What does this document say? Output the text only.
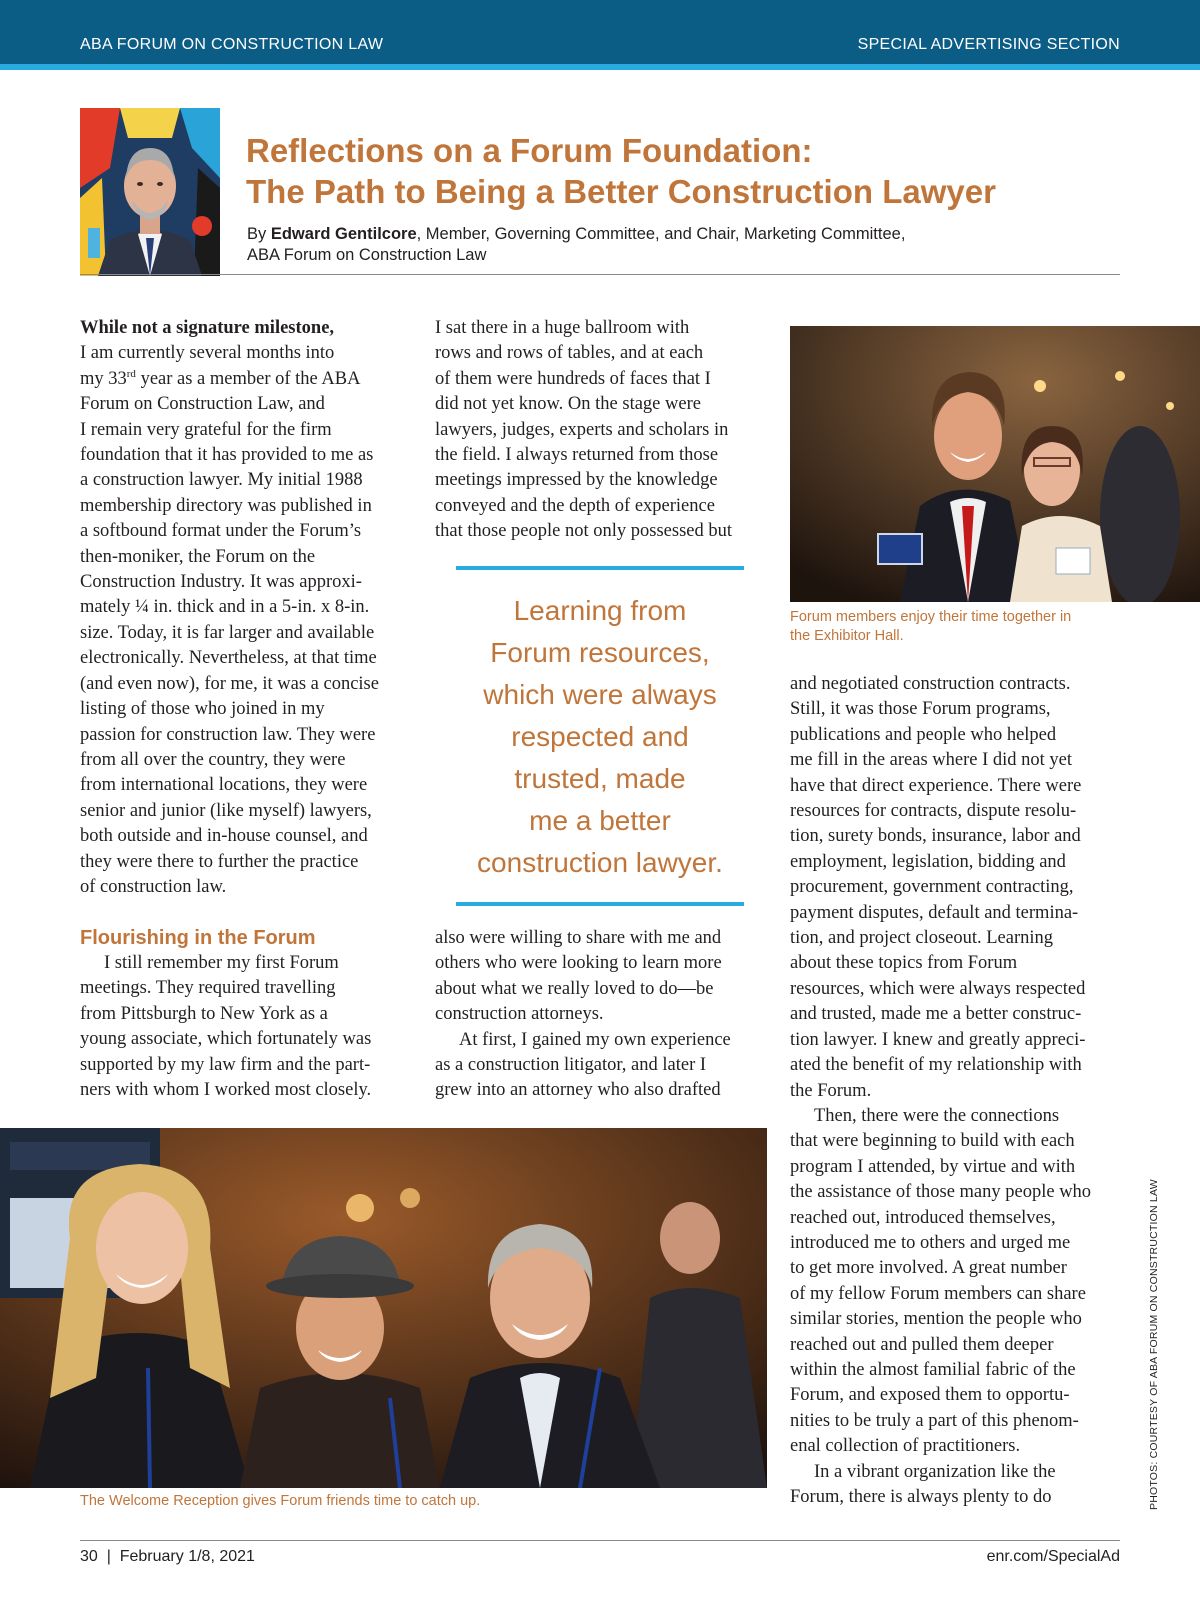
ABA FORUM ON CONSTRUCTION LAW	SPECIAL ADVERTISING SECTION
Reflections on a Forum Foundation:
The Path to Being a Better Construction Lawyer
By Edward Gentilcore, Member, Governing Committee, and Chair, Marketing Committee,
ABA Forum on Construction Law
While not a signature milestone,
I am currently several months into
my 33rd year as a member of the ABA
Forum on Construction Law, and
I remain very grateful for the firm
foundation that it has provided to me as
a construction lawyer. My initial 1988
membership directory was published in
a softbound format under the Forum’s
then-moniker, the Forum on the
Construction Industry. It was approxi-
mately ¼ in. thick and in a 5-in. x 8-in.
size. Today, it is far larger and available
electronically. Nevertheless, at that time
(and even now), for me, it was a concise
listing of those who joined in my
passion for construction law. They were
from all over the country, they were
from international locations, they were
senior and junior (like myself) lawyers,
both outside and in-house counsel, and
they were there to further the practice
of construction law.
Flourishing in the Forum
I still remember my first Forum
meetings. They required travelling
from Pittsburgh to New York as a
young associate, which fortunately was
supported by my law firm and the part-
ners with whom I worked most closely.
I sat there in a huge ballroom with
rows and rows of tables, and at each
of them were hundreds of faces that I
did not yet know. On the stage were
lawyers, judges, experts and scholars in
the field. I always returned from those
meetings impressed by the knowledge
conveyed and the depth of experience
that those people not only possessed but
Learning from
Forum resources,
which were always
respected and
trusted, made
me a better
construction lawyer.
also were willing to share with me and
others who were looking to learn more
about what we really loved to do—be
construction attorneys.
At first, I gained my own experience
as a construction litigator, and later I
grew into an attorney who also drafted
Forum members enjoy their time together in
the Exhibitor Hall.
and negotiated construction contracts.
Still, it was those Forum programs,
publications and people who helped
me fill in the areas where I did not yet
have that direct experience. There were
resources for contracts, dispute resolu-
tion, surety bonds, insurance, labor and
employment, legislation, bidding and
procurement, government contracting,
payment disputes, default and termina-
tion, and project closeout. Learning
about these topics from Forum
resources, which were always respected
and trusted, made me a better construc-
tion lawyer. I knew and greatly appreci-
ated the benefit of my relationship with
the Forum.
Then, there were the connections
that were beginning to build with each
program I attended, by virtue and with
the assistance of those many people who
reached out, introduced themselves,
introduced me to others and urged me
to get more involved. A great number
of my fellow Forum members can share
similar stories, mention the people who
reached out and pulled them deeper
within the almost familial fabric of the
Forum, and exposed them to opportu-
nities to be truly a part of this phenom-
enal collection of practitioners.
In a vibrant organization like the
Forum, there is always plenty to do
The Welcome Reception gives Forum friends time to catch up.	PHOTOS: COURTESY OF ABA FORUM ON CONSTRUCTION LAW
30 | February 1/8, 2021	enr.com/SpecialAd
